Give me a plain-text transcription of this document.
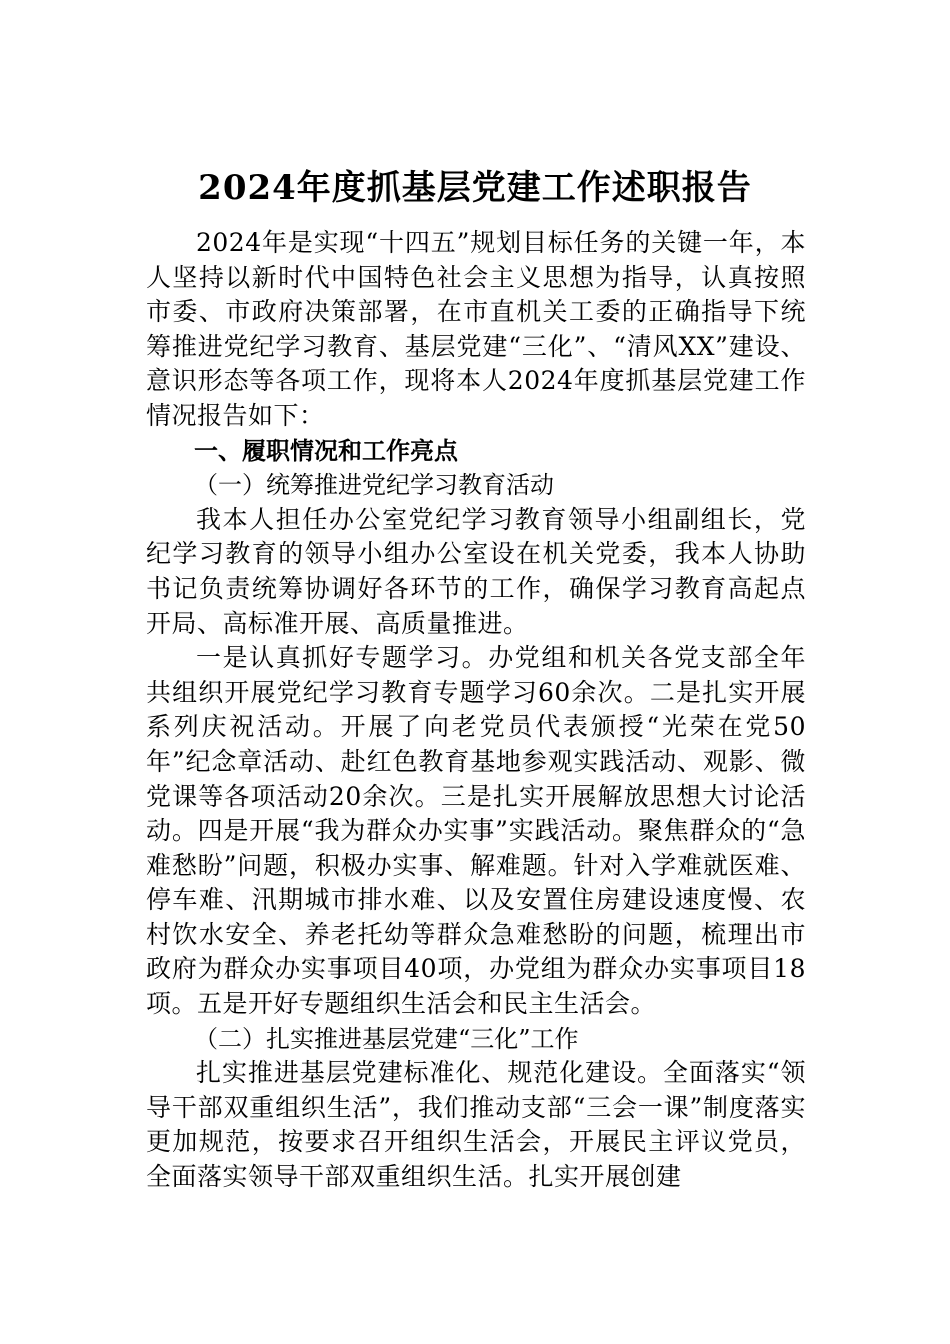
2024年度抓基层党建工作述职报告

2024年是实现“十四五”规划目标任务的关键一年，本人坚持以新时代中国特色社会主义思想为指导，认真按照市委、市政府决策部署，在市直机关工委的正确指导下统筹推进党纪学习教育、基层党建“三化”、“清风XX”建设、意识形态等各项工作，现将本人2024年度抓基层党建工作情况报告如下：

一、履职情况和工作亮点

（一）统筹推进党纪学习教育活动

我本人担任办公室党纪学习教育领导小组副组长，党纪学习教育的领导小组办公室设在机关党委，我本人协助书记负责统筹协调好各环节的工作，确保学习教育高起点开局、高标准开展、高质量推进。

一是认真抓好专题学习。办党组和机关各党支部全年共组织开展党纪学习教育专题学习60余次。二是扎实开展系列庆祝活动。开展了向老党员代表颁授“光荣在党50年”纪念章活动、赴红色教育基地参观实践活动、观影、微党课等各项活动20余次。三是扎实开展解放思想大讨论活动。四是开展“我为群众办实事”实践活动。聚焦群众的“急难愁盼”问题，积极办实事、解难题。针对入学难就医难、停车难、汛期城市排水难、以及安置住房建设速度慢、农村饮水安全、养老托幼等群众急难愁盼的问题，梳理出市政府为群众办实事项目40项，办党组为群众办实事项目18项。五是开好专题组织生活会和民主生活会。

（二）扎实推进基层党建“三化”工作

扎实推进基层党建标准化、规范化建设。全面落实“领导干部双重组织生活”，我们推动支部“三会一课”制度落实更加规范，按要求召开组织生活会，开展民主评议党员，全面落实领导干部双重组织生活。扎实开展创建
